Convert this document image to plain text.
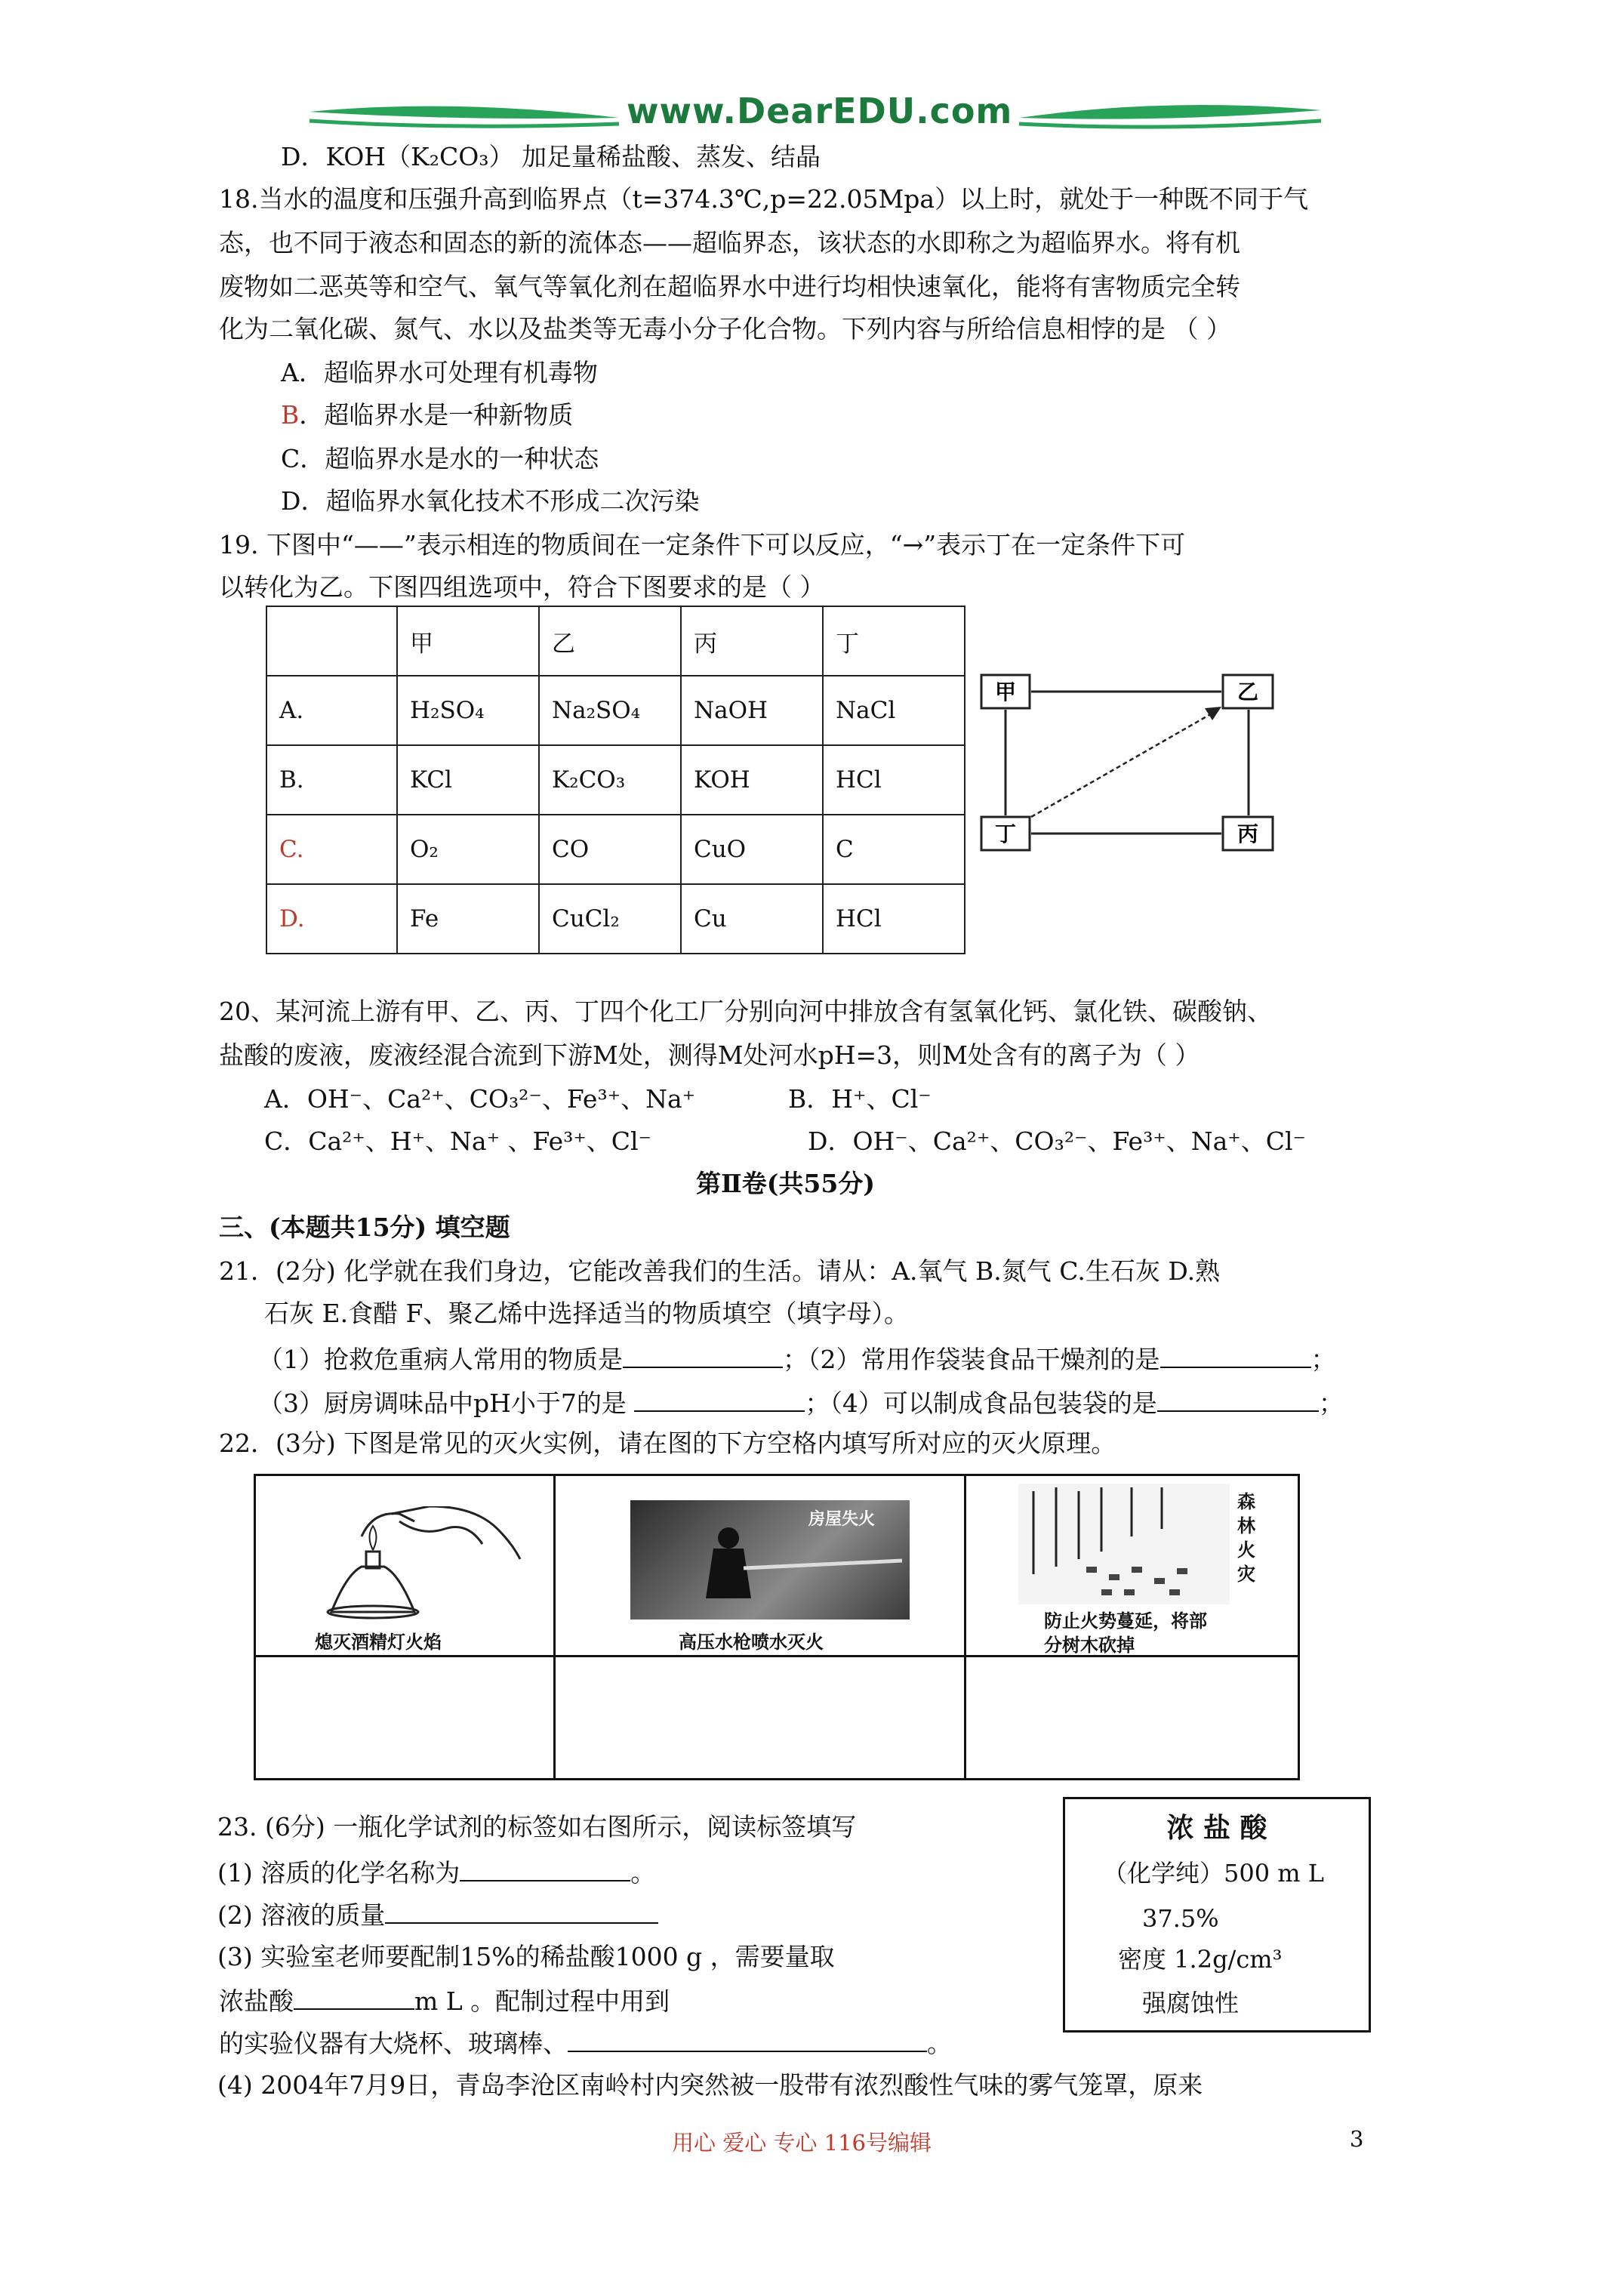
www.DearEDU.com
D．KOH（K₂CO₃） 加足量稀盐酸、蒸发、结晶
18.当水的温度和压强升高到临界点（t=374.3℃,p=22.05Mpa）以上时，就处于一种既不同于气
态，也不同于液态和固态的新的流体态——超临界态，该状态的水即称之为超临界水。将有机
废物如二恶英等和空气、氧气等氧化剂在超临界水中进行均相快速氧化，能将有害物质完全转
化为二氧化碳、氮气、水以及盐类等无毒小分子化合物。下列内容与所给信息相悖的是 （ ）
A．超临界水可处理有机毒物
B．超临界水是一种新物质
C．超临界水是水的一种状态
D．超临界水氧化技术不形成二次污染
19. 下图中“——”表示相连的物质间在一定条件下可以反应，“→”表示丁在一定条件下可
以转化为乙。下图四组选项中，符合下图要求的是（ ）
	甲	乙	丙	丁
A.	H₂SO₄	Na₂SO₄	NaOH	NaCl
B.	KCl	K₂CO₃	KOH	HCl
C.	O₂	CO	CuO	C
D.	Fe	CuCl₂	Cu	HCl
甲	乙
丁	丙
20、某河流上游有甲、乙、丙、丁四个化工厂分别向河中排放含有氢氧化钙、氯化铁、碳酸钠、
盐酸的废液，废液经混合流到下游M处，测得M处河水pH=3，则M处含有的离子为（ ）
A．OH⁻、Ca²⁺、CO₃²⁻、Fe³⁺、Na⁺	B．H⁺、Cl⁻
C．Ca²⁺、H⁺、Na⁺ 、Fe³⁺、Cl⁻	D．OH⁻、Ca²⁺、CO₃²⁻、Fe³⁺、Na⁺、Cl⁻
第Ⅱ卷(共55分)
三、(本题共15分) 填空题
21．(2分) 化学就在我们身边，它能改善我们的生活。请从：A.氧气 B.氮气 C.生石灰 D.熟
石灰 E.食醋 F、聚乙烯中选择适当的物质填空（填字母）。
（1）抢救危重病人常用的物质是	；（2）常用作袋装食品干燥剂的是	；
（3）厨房调味品中pH小于7的是	；（4）可以制成食品包装袋的是	；
22．(3分) 下图是常见的灭火实例，请在图的下方空格内填写所对应的灭火原理。
熄灭酒精灯火焰
房屋失火
高压水枪喷水灭火
森
林
火
灾
防止火势蔓延，将部
分树木砍掉
23. (6分) 一瓶化学试剂的标签如右图所示，阅读标签填写
(1) 溶质的化学名称为	。
(2) 溶液的质量
(3) 实验室老师要配制15%的稀盐酸1000 g ，需要量取
浓盐酸	m L 。配制过程中用到
的实验仪器有大烧杯、玻璃棒、	。
(4) 2004年7月9日，青岛李沧区南岭村内突然被一股带有浓烈酸性气味的雾气笼罩，原来
浓 盐 酸
（化学纯）500 m L
37.5%
密度 1.2g/cm³
强腐蚀性
用心 爱心 专心 116号编辑	3
